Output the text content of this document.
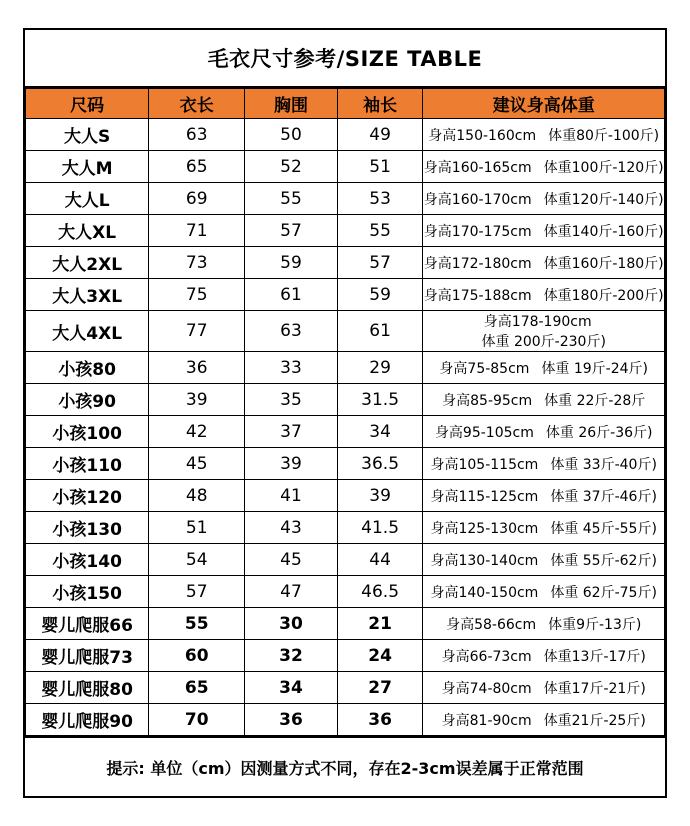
毛衣尺寸参考/SIZE TABLE
尺码	衣长	胸围	袖长	建议身高体重
大人S	63	50	49	身高150-160cm 体重80斤-100斤)
大人M	65	52	51	身高160-165cm 体重100斤-120斤)
大人L	69	55	53	身高160-170cm 体重120斤-140斤)
大人XL	71	57	55	身高170-175cm 体重140斤-160斤)
大人2XL	73	59	57	身高172-180cm 体重160斤-180斤)
大人3XL	75	61	59	身高175-188cm 体重180斤-200斤)
大人4XL	77	63	61	身高178-190cm体重 200斤-230斤)
小孩80	36	33	29	身高75-85cm 体重 19斤-24斤)
小孩90	39	35	31.5	身高85-95cm 体重 22斤-28斤
小孩100	42	37	34	身高95-105cm 体重 26斤-36斤)
小孩110	45	39	36.5	身高105-115cm 体重 33斤-40斤)
小孩120	48	41	39	身高115-125cm 体重 37斤-46斤)
小孩130	51	43	41.5	身高125-130cm 体重 45斤-55斤)
小孩140	54	45	44	身高130-140cm 体重 55斤-62斤)
小孩150	57	47	46.5	身高140-150cm 体重 62斤-75斤)
婴儿爬服66	55	30	21	身高58-66cm 体重9斤-13斤)
婴儿爬服73	60	32	24	身高66-73cm 体重13斤-17斤)
婴儿爬服80	65	34	27	身高74-80cm 体重17斤-21斤)
婴儿爬服90	70	36	36	身高81-90cm 体重21斤-25斤)
提示: 单位（cm）因测量方式不同，存在2-3cm误差属于正常范围
